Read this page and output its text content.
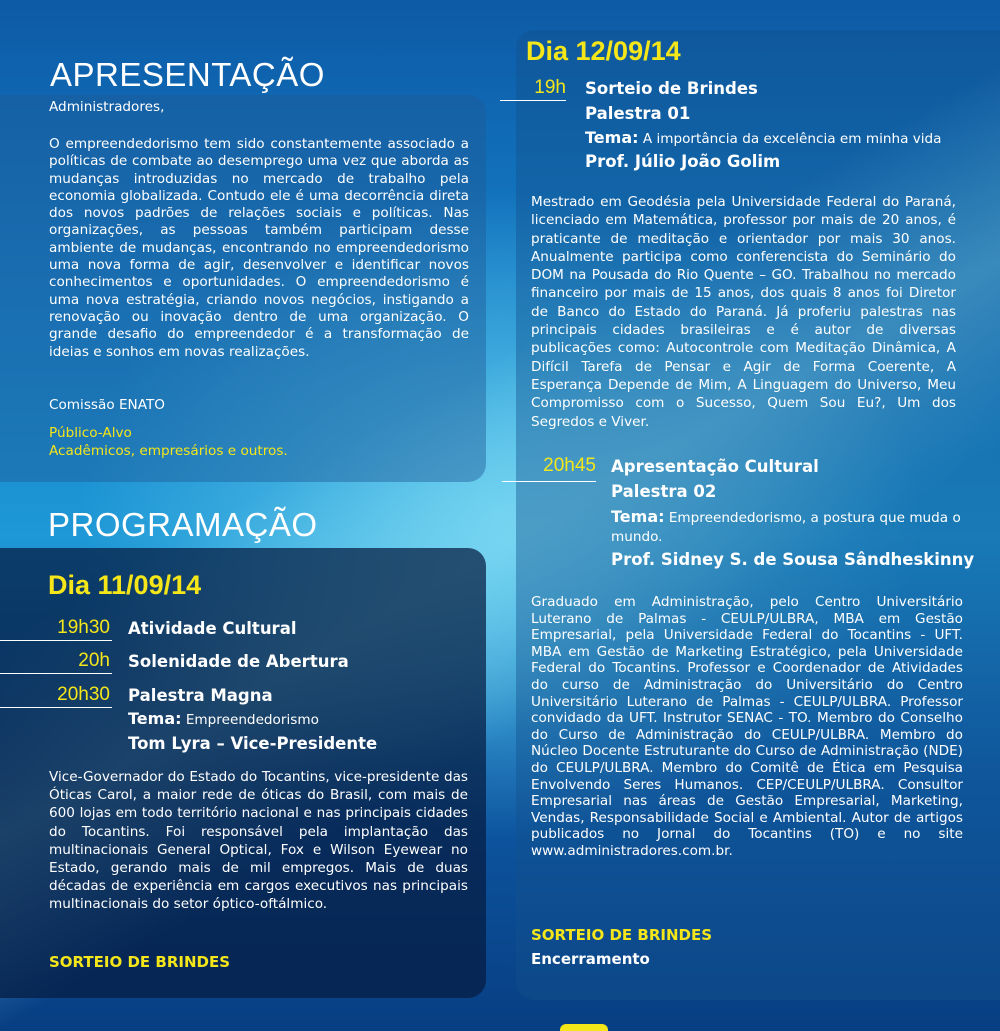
APRESENTAÇÃO

Administradores,

O empreendedorismo tem sido constantemente associado a políticas de combate ao desemprego uma vez que aborda as mudanças introduzidas no mercado de trabalho pela economia globalizada. Contudo ele é uma decorrência direta dos novos padrões de relações sociais e políticas. Nas organizações, as pessoas também participam desse ambiente de mudanças, encontrando no empreendedorismo uma nova forma de agir, desenvolver e identificar novos conhecimentos e oportunidades. O empreendedorismo é uma nova estratégia, criando novos negócios, instigando a renovação ou inovação dentro de uma organização. O grande desafio do empreendedor é a transformação de ideias e sonhos em novas realizações.

Comissão ENATO

Público-Alvo

Acadêmicos, empresários e outros.

PROGRAMAÇÃO
Dia 11/09/14
19h30 Atividade Cultural
20h Solenidade de Abertura
20h30 Palestra Magna
Tema: Empreendedorismo
Tom Lyra – Vice-Presidente

Vice-Governador do Estado do Tocantins, vice-presidente das Óticas Carol, a maior rede de óticas do Brasil, com mais de 600 lojas em todo território nacional e nas principais cidades do Tocantins. Foi responsável pela implantação das multinacionais General Optical, Fox e Wilson Eyewear no Estado, gerando mais de mil empregos. Mais de duas décadas de experiência em cargos executivos nas principais multinacionais do setor óptico-oftálmico.

SORTEIO DE BRINDES
Dia 12/09/14
19h Sorteio de Brindes
Palestra 01
Tema: A importância da excelência em minha vida
Prof. Júlio João Golim

Mestrado em Geodésia pela Universidade Federal do Paraná, licenciado em Matemática, professor por mais de 20 anos, é praticante de meditação e orientador por mais 30 anos. Anualmente participa como conferencista do Seminário do DOM na Pousada do Rio Quente – GO. Trabalhou no mercado financeiro por mais de 15 anos, dos quais 8 anos foi Diretor de Banco do Estado do Paraná. Já proferiu palestras nas principais cidades brasileiras e é autor de diversas publicações como: Autocontrole com Meditação Dinâmica, A Difícil Tarefa de Pensar e Agir de Forma Coerente, A Esperança Depende de Mim, A Linguagem do Universo, Meu Compromisso com o Sucesso, Quem Sou Eu?, Um dos Segredos e Viver.

20h45 Apresentação Cultural
Palestra 02
Tema: Empreendedorismo, a postura que muda o mundo.
Prof. Sidney S. de Sousa Sândheskinny

Graduado em Administração, pelo Centro Universitário Luterano de Palmas - CEULP/ULBRA, MBA em Gestão Empresarial, pela Universidade Federal do Tocantins - UFT. MBA em Gestão de Marketing Estratégico, pela Universidade Federal do Tocantins. Professor e Coordenador de Atividades do curso de Administração do Universitário do Centro Universitário Luterano de Palmas - CEULP/ULBRA. Professor convidado da UFT. Instrutor SENAC - TO. Membro do Conselho do Curso de Administração do CEULP/ULBRA. Membro do Núcleo Docente Estruturante do Curso de Administração (NDE) do CEULP/ULBRA. Membro do Comitê de Ética em Pesquisa Envolvendo Seres Humanos. CEP/CEULP/ULBRA. Consultor Empresarial nas áreas de Gestão Empresarial, Marketing, Vendas, Responsabilidade Social e Ambiental. Autor de artigos publicados no Jornal do Tocantins (TO) e no site www.administradores.com.br.

SORTEIO DE BRINDES
Encerramento
